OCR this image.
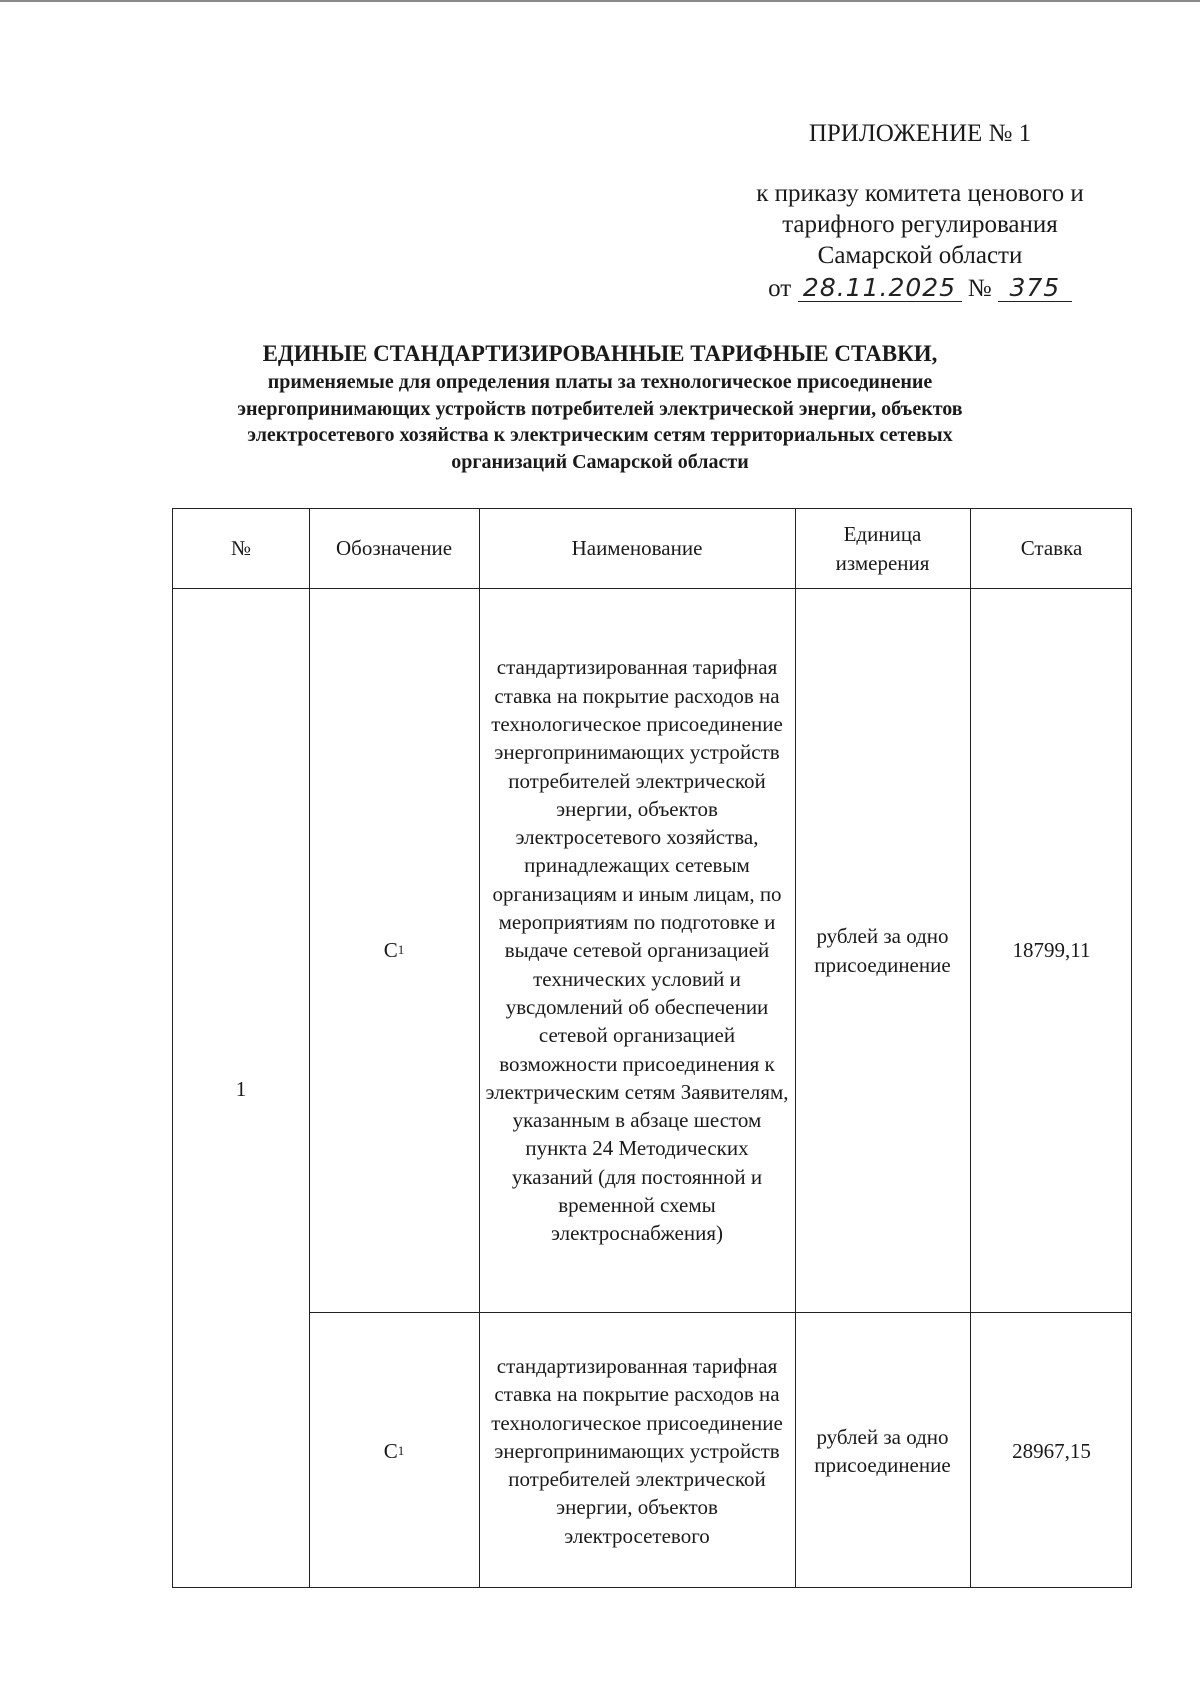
ПРИЛОЖЕНИЕ № 1
к приказу комитета ценового и
тарифного регулирования
Самарской области
от 28.11.2025 № 375
ЕДИНЫЕ СТАНДАРТИЗИРОВАННЫЕ ТАРИФНЫЕ СТАВКИ,
применяемые для определения платы за технологическое присоединение
энергопринимающих устройств потребителей электрической энергии, объектов
электросетевого хозяйства к электрическим сетям территориальных сетевых
организаций Самарской области
№	Обозначение	Наименование
Единица измерения
Ставка
1
C 1
стандартизированная тарифная ставка на покрытие расходов на технологическое присоединение энергопринимающих устройств потребителей электрической энергии, объектов электросетевого хозяйства, принадлежащих сетевым организациям и иным лицам, по мероприятиям по подготовке и выдаче сетевой организацией технических условий и увсдомлений об обеспечении сетевой организацией возможности присоединения к электрическим сетям Заявителям, указанным в абзаце шестом пункта 24 Методических указаний (для постоянной и временной схемы электроснабжения)
рублей за одно присоединение
18799,11
C 1
стандартизированная тарифная ставка на покрытие расходов на технологическое присоединение энергопринимающих устройств потребителей электрической энергии, объектов электросетевого
рублей за одно присоединение
28967,15
